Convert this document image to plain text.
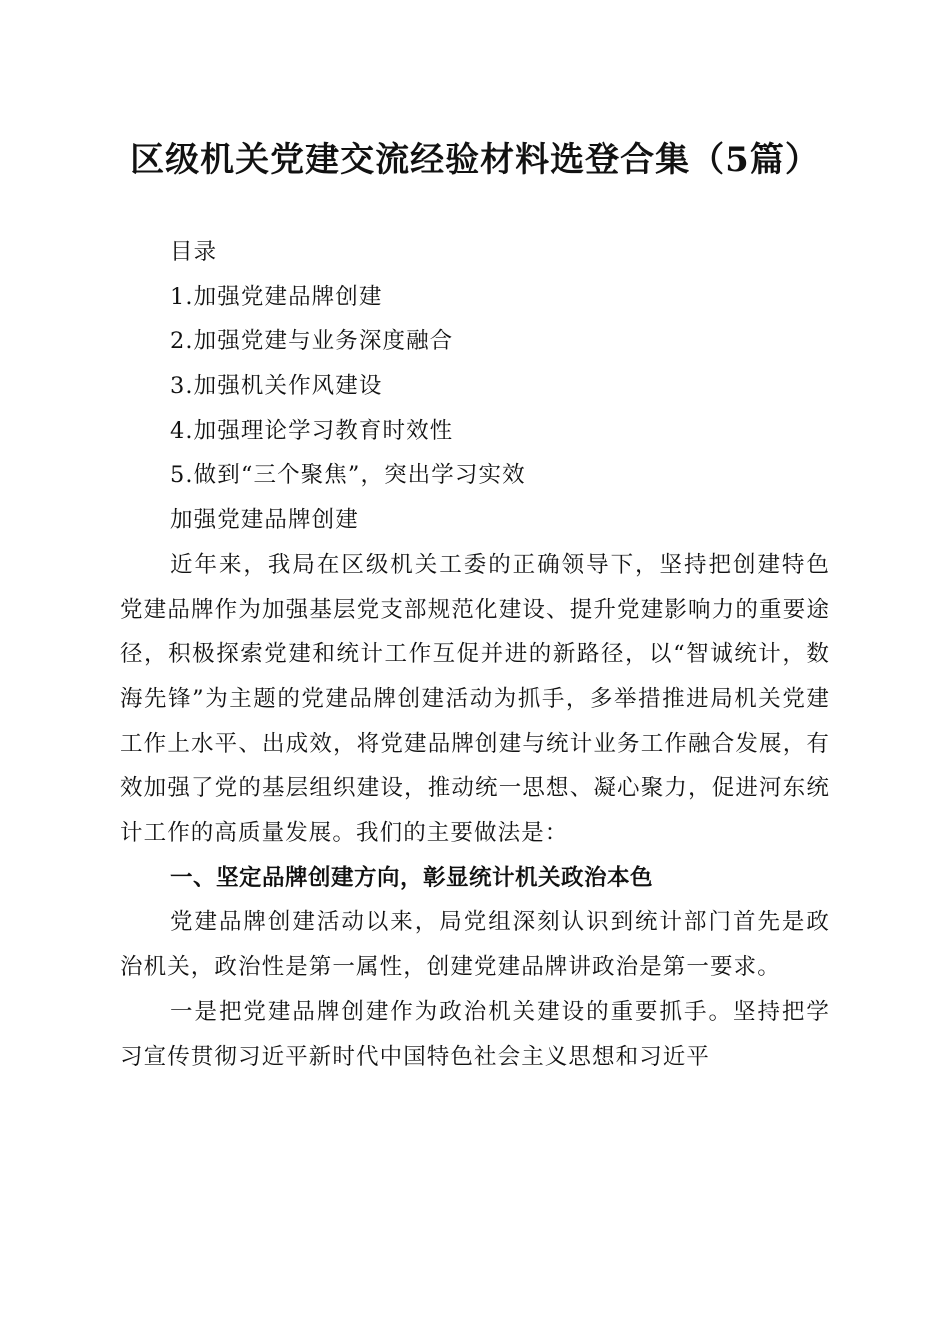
区级机关党建交流经验材料选登合集（5篇）
目录
1.加强党建品牌创建
2.加强党建与业务深度融合
3.加强机关作风建设
4.加强理论学习教育时效性
5.做到“三个聚焦”，突出学习实效
加强党建品牌创建
近年来，我局在区级机关工委的正确领导下，坚持把创建特色党建品牌作为加强基层党支部规范化建设、提升党建影响力的重要途径，积极探索党建和统计工作互促并进的新路径，以“智诚统计，数海先锋”为主题的党建品牌创建活动为抓手，多举措推进局机关党建工作上水平、出成效，将党建品牌创建与统计业务工作融合发展，有效加强了党的基层组织建设，推动统一思想、凝心聚力，促进河东统计工作的高质量发展。我们的主要做法是：
一、坚定品牌创建方向，彰显统计机关政治本色
党建品牌创建活动以来，局党组深刻认识到统计部门首先是政治机关，政治性是第一属性，创建党建品牌讲政治是第一要求。
一是把党建品牌创建作为政治机关建设的重要抓手。坚持把学习宣传贯彻习近平新时代中国特色社会主义思想和习近平
